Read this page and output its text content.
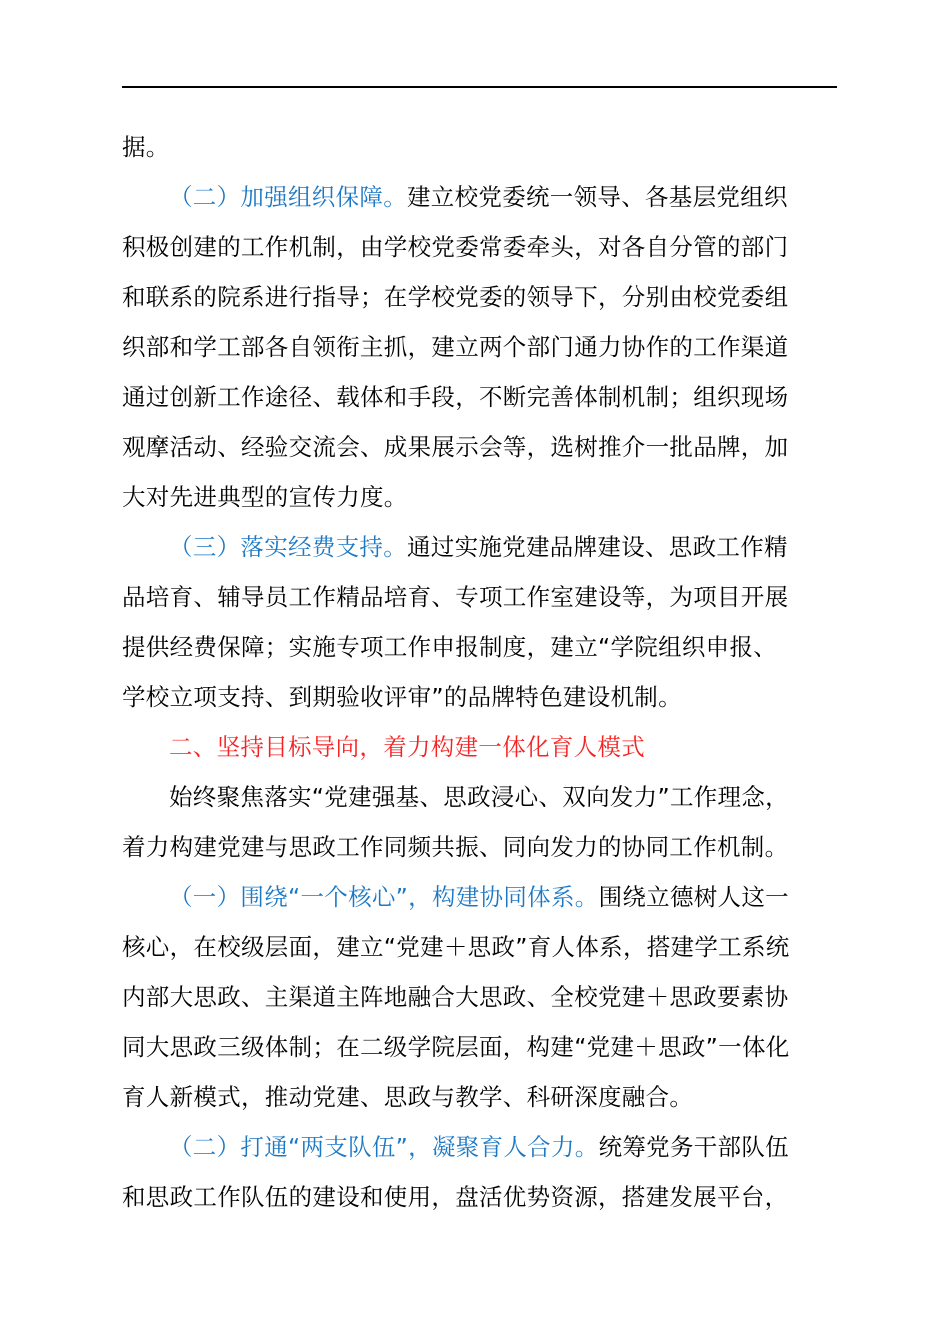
据。
（二）加强组织保障。建立校党委统一领导、各基层党组织
积极创建的工作机制，由学校党委常委牵头，对各自分管的部门
和联系的院系进行指导；在学校党委的领导下，分别由校党委组
织部和学工部各自领衔主抓，建立两个部门通力协作的工作渠道
通过创新工作途径、载体和手段，不断完善体制机制；组织现场
观摩活动、经验交流会、成果展示会等，选树推介一批品牌，加
大对先进典型的宣传力度。
（三）落实经费支持。通过实施党建品牌建设、思政工作精
品培育、辅导员工作精品培育、专项工作室建设等，为项目开展
提供经费保障；实施专项工作申报制度，建立“学院组织申报、
学校立项支持、到期验收评审”的品牌特色建设机制。
二、坚持目标导向，着力构建一体化育人模式
始终聚焦落实“党建强基、思政浸心、双向发力”工作理念，
着力构建党建与思政工作同频共振、同向发力的协同工作机制。
（一）围绕“一个核心”，构建协同体系。围绕立德树人这一
核心，在校级层面，建立“党建＋思政”育人体系，搭建学工系统
内部大思政、主渠道主阵地融合大思政、全校党建＋思政要素协
同大思政三级体制；在二级学院层面，构建“党建＋思政”一体化
育人新模式，推动党建、思政与教学、科研深度融合。
（二）打通“两支队伍”，凝聚育人合力。统筹党务干部队伍
和思政工作队伍的建设和使用，盘活优势资源，搭建发展平台，
